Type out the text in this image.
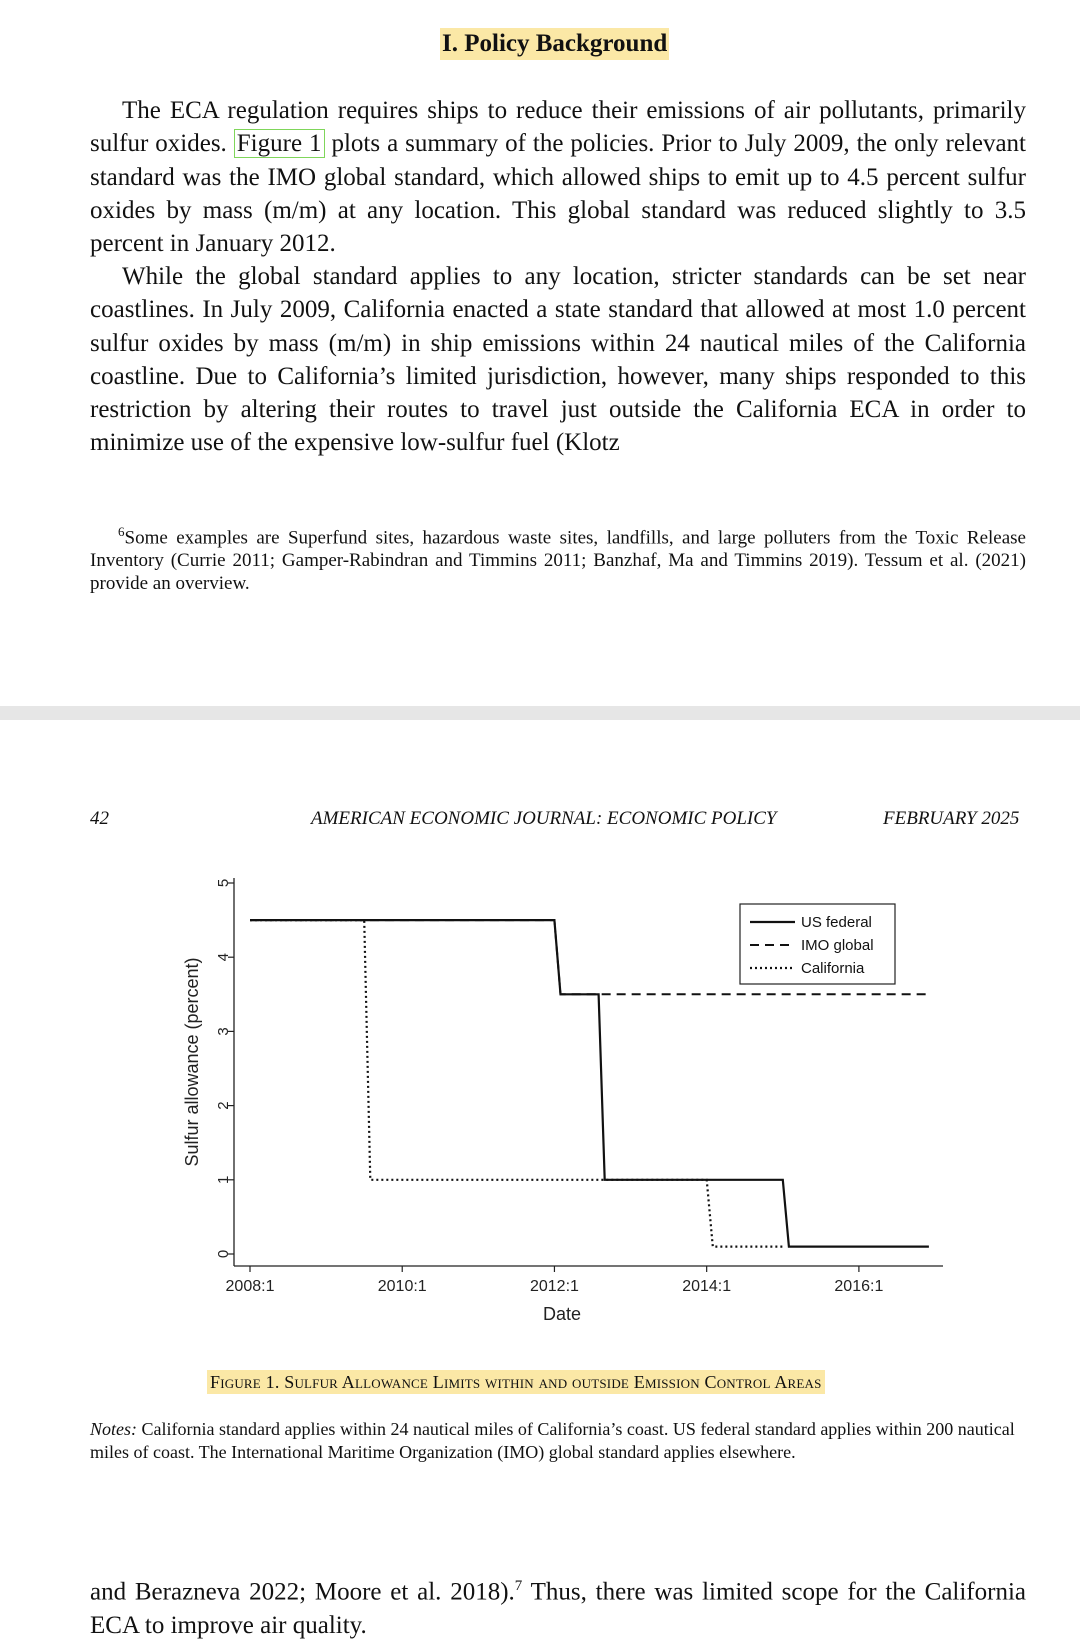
I. Policy Background

The ECA regulation requires ships to reduce their emissions of air pollutants, primarily sulfur oxides. Figure 1 plots a summary of the policies. Prior to July 2009, the only relevant standard was the IMO global standard, which allowed ships to emit up to 4.5 percent sulfur oxides by mass (m/m) at any location. This global standard was reduced slightly to 3.5 percent in January 2012.

While the global standard applies to any location, stricter standards can be set near coastlines. In July 2009, California enacted a state standard that allowed at most 1.0 percent sulfur oxides by mass (m/m) in ship emissions within 24 nautical miles of the California coastline. Due to California’s limited jurisdiction, however, many ships responded to this restriction by altering their routes to travel just outside the California ECA in order to minimize use of the expensive low-sulfur fuel (Klotz

$^6$Some examples are Superfund sites, hazardous waste sites, landfills, and large polluters from the Toxic Release Inventory (Currie 2011; Gamper-Rabindran and Timmins 2011; Banzhaf, Ma and Timmins 2019). Tessum et al. (2021) provide an overview.

42	AMERICAN ECONOMIC JOURNAL: ECONOMIC POLICY	FEBRUARY 2025
0
1
2
3
4
5
2008:1	2010:1	2012:1	2014:1	2016:1
Date
Sulfur allowance (percent)
US federal
IMO global
California
Figure 1. Sulfur Allowance Limits within and outside Emission Control Areas

Notes: California standard applies within 24 nautical miles of California’s coast. US federal standard applies within 200 nautical miles of coast. The International Maritime Organization (IMO) global standard applies elsewhere.

and Berazneva 2022; Moore et al. 2018).$^7$ Thus, there was limited scope for the California ECA to improve air quality.
